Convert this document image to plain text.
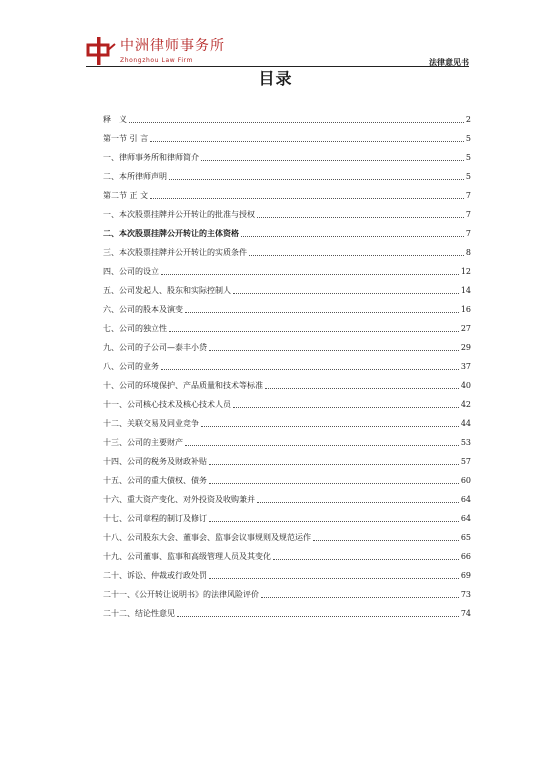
中洲律师事务所
Zhongzhou Law Firm	法律意见书
目录
释　义	2
第一节 引 言	5
一、律师事务所和律师简介	5
二、本所律师声明	5
第二节 正 文	7
一、本次股票挂牌并公开转让的批准与授权	7
二、本次股票挂牌公开转让的主体资格	7
三、本次股票挂牌并公开转让的实质条件	8
四、公司的设立	12
五、公司发起人、股东和实际控制人	14
六、公司的股本及演变	16
七、公司的独立性	27
九、公司的子公司—泰丰小贷	29
八、公司的业务	37
十、公司的环境保护、产品质量和技术等标准	40
十一、公司核心技术及核心技术人员	42
十二、关联交易及同业竞争	44
十三、公司的主要财产	53
十四、公司的税务及财政补贴	57
十五、公司的重大债权、债务	60
十六、重大资产变化、对外投资及收购兼并	64
十七、公司章程的制订及修订	64
十八、公司股东大会、董事会、监事会议事规则及规范运作	65
十九、公司董事、监事和高级管理人员及其变化	66
二十、诉讼、仲裁或行政处罚	69
二十一、《公开转让说明书》的法律风险评价	73
二十二、结论性意见	74
